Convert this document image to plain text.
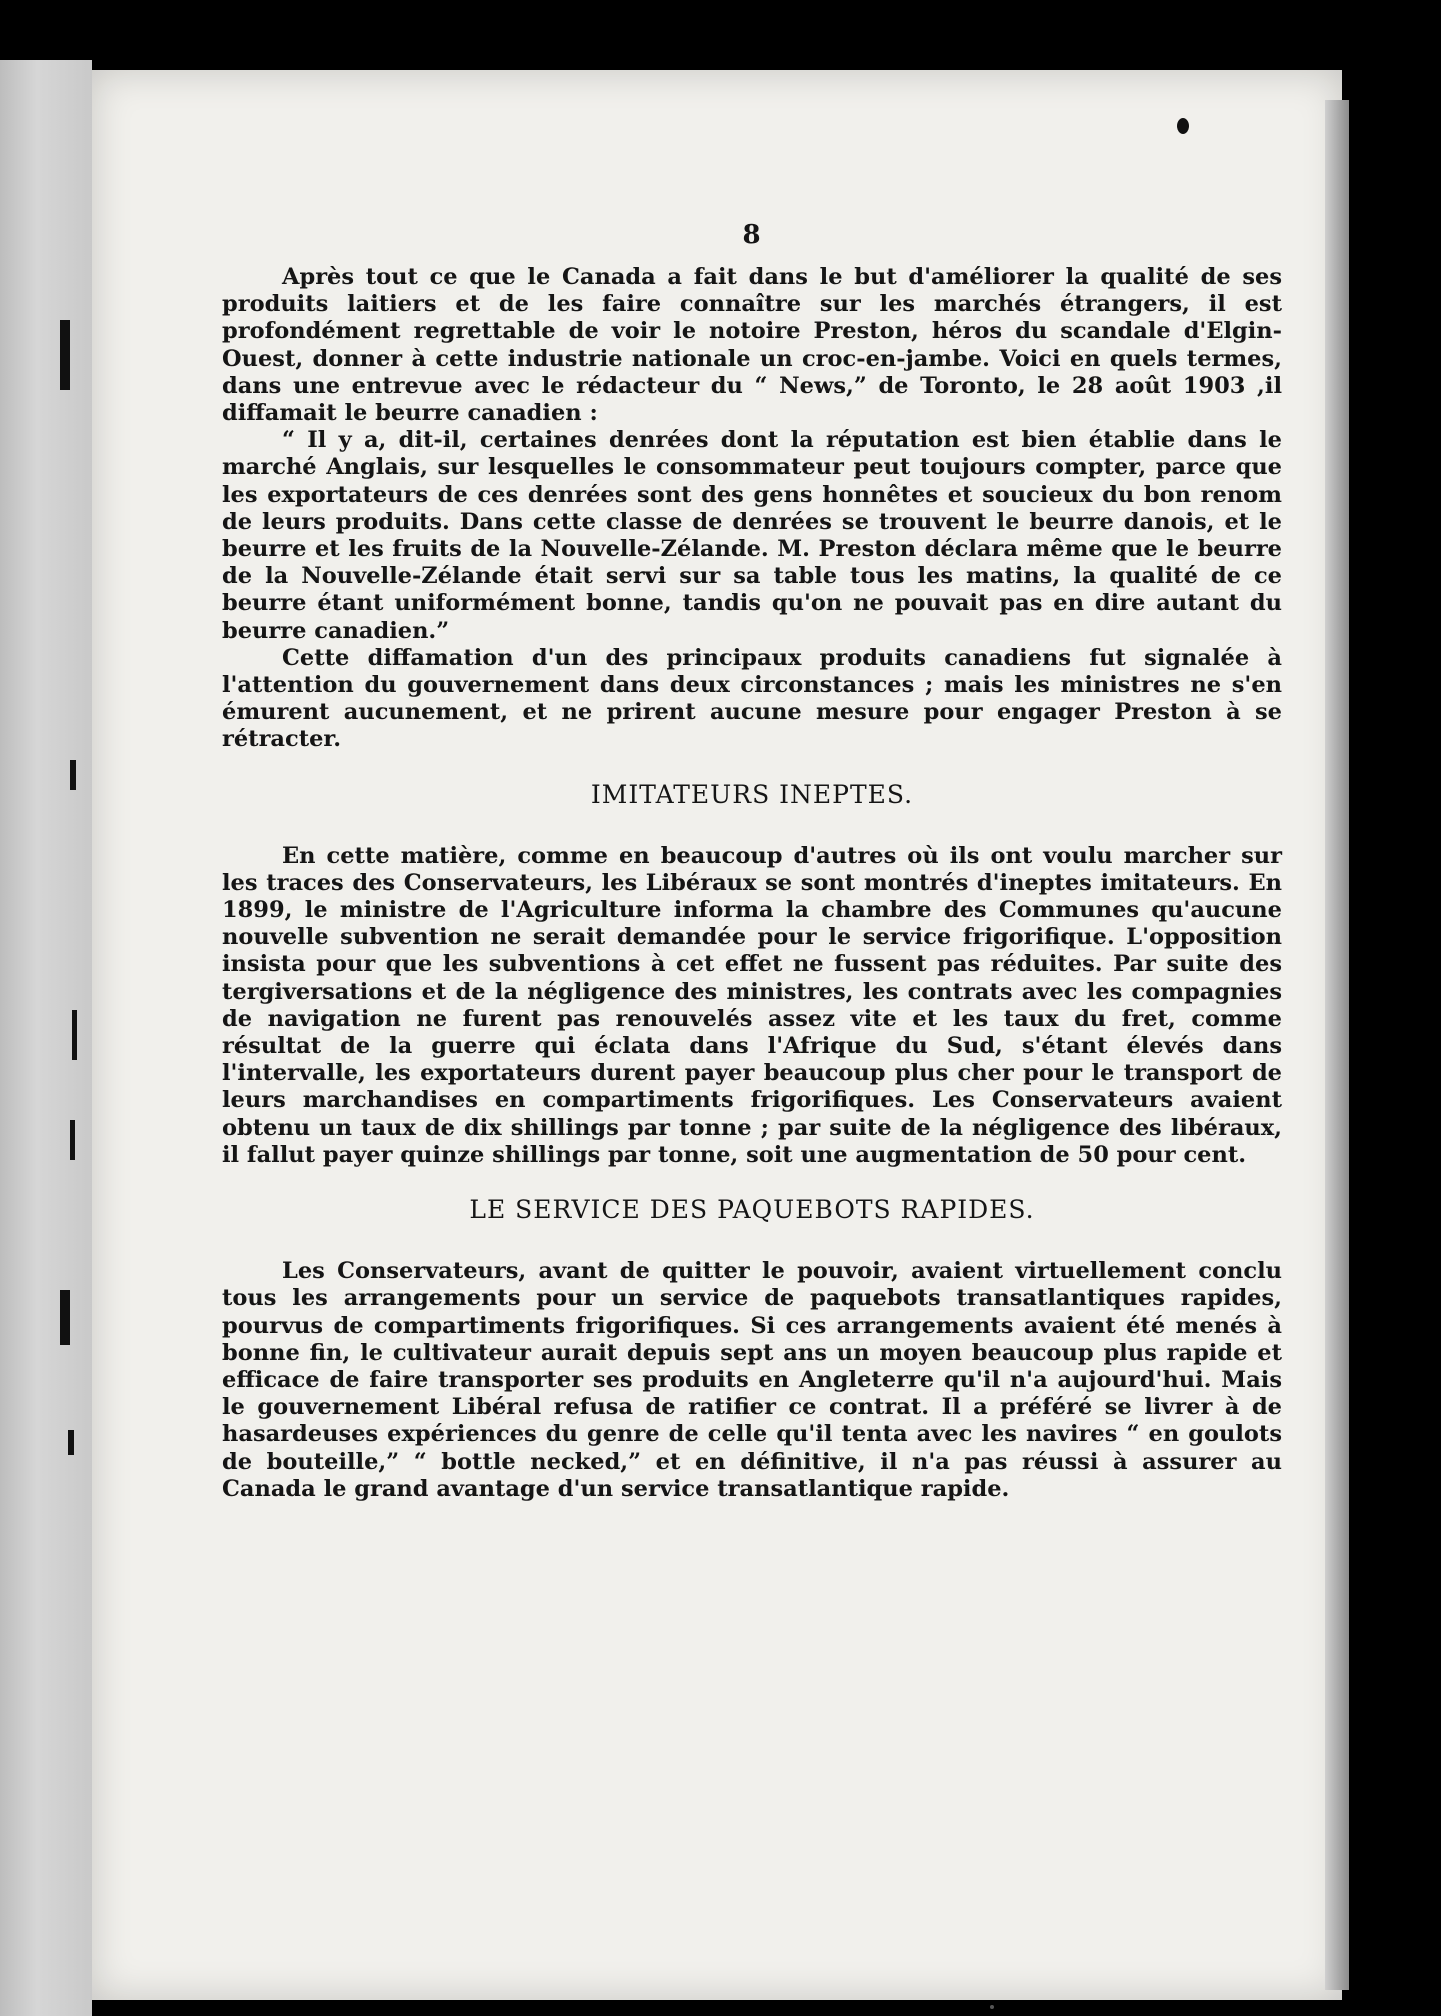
8

Après tout ce que le Canada a fait dans le but d'améliorer la qualité de ses produits laitiers et de les faire connaître sur les marchés étrangers, il est profondément regrettable de voir le notoire Preston, héros du scandale d'Elgin-Ouest, donner à cette industrie nationale un croc-en-jambe. Voici en quels termes, dans une entrevue avec le rédacteur du “ News,” de Toronto, le 28 août 1903 ,il diffamait le beurre canadien :

“ Il y a, dit-il, certaines denrées dont la réputation est bien établie dans le marché Anglais, sur lesquelles le consommateur peut toujours compter, parce que les exportateurs de ces denrées sont des gens honnêtes et soucieux du bon renom de leurs produits. Dans cette classe de denrées se trouvent le beurre danois, et le beurre et les fruits de la Nouvelle-Zélande. M. Preston déclara même que le beurre de la Nouvelle-Zélande était servi sur sa table tous les matins, la qualité de ce beurre étant uniformément bonne, tandis qu'on ne pouvait pas en dire autant du beurre canadien.”

Cette diffamation d'un des principaux produits canadiens fut signalée à l'attention du gouvernement dans deux circonstances ; mais les ministres ne s'en émurent aucunement, et ne prirent aucune mesure pour engager Preston à se rétracter.

IMITATEURS INEPTES.

En cette matière, comme en beaucoup d'autres où ils ont voulu marcher sur les traces des Conservateurs, les Libéraux se sont montrés d'ineptes imitateurs. En 1899, le ministre de l'Agriculture informa la chambre des Communes qu'aucune nouvelle subvention ne serait demandée pour le service frigorifique. L'opposition insista pour que les subventions à cet effet ne fussent pas réduites. Par suite des tergiversations et de la négligence des ministres, les contrats avec les compagnies de navigation ne furent pas renouvelés assez vite et les taux du fret, comme résultat de la guerre qui éclata dans l'Afrique du Sud, s'étant élevés dans l'intervalle, les exportateurs durent payer beaucoup plus cher pour le transport de leurs marchandises en compartiments frigorifiques. Les Conservateurs avaient obtenu un taux de dix shillings par tonne ; par suite de la négligence des libéraux, il fallut payer quinze shillings par tonne, soit une augmentation de 50 pour cent.

LE SERVICE DES PAQUEBOTS RAPIDES.

Les Conservateurs, avant de quitter le pouvoir, avaient virtuellement conclu tous les arrangements pour un service de paquebots transatlantiques rapides, pourvus de compartiments frigorifiques. Si ces arrangements avaient été menés à bonne fin, le cultivateur aurait depuis sept ans un moyen beaucoup plus rapide et efficace de faire transporter ses produits en Angleterre qu'il n'a aujourd'hui. Mais le gouvernement Libéral refusa de ratifier ce contrat. Il a préféré se livrer à de hasardeuses expériences du genre de celle qu'il tenta avec les navires “ en goulots de bouteille,” “ bottle necked,” et en définitive, il n'a pas réussi à assurer au Canada le grand avantage d'un service transatlantique rapide.
